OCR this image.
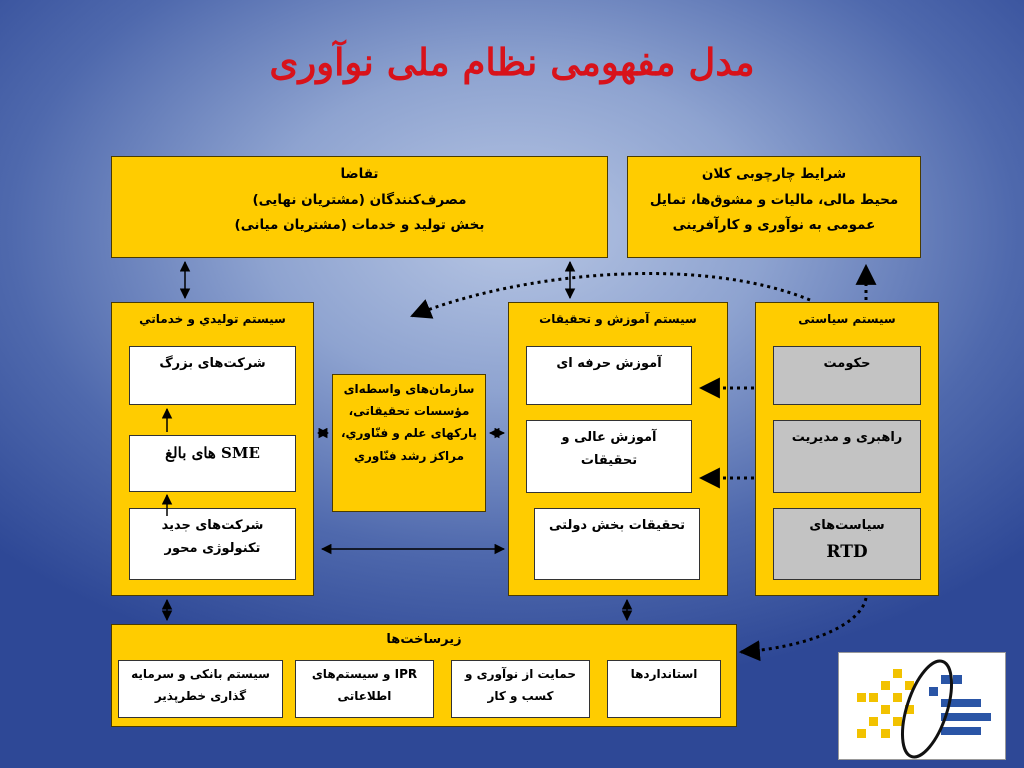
مدل مفهومی نظام ملی نوآوری
تقاضا
مصرف‌کنندگان (مشتریان نهایی)
بخش تولید و خدمات (مشتریان میانی)
شرایط چارچوبی کلان
محیط مالی، مالیات و مشوق‌ها، تمایل
عمومی به نوآوری و کارآفرینی
سيستم توليدي و خدماتي
شرکت‌های بزرگ
SME های بالغ
شرکت‌های جدید
تکنولوژی محور
سازمان‌های واسطه‌ای
مؤسسات تحقیقاتی،
پارکهای علم و فنّاوري،
مراکز رشد فنّاوري
سیستم آموزش و تحقیقات
آموزش حرفه ای
آموزش عالی و
تحقیقات
تحقیقات بخش دولتی
سیستم سیاستی
حکومت
راهبری و مدیریت
سیاست‌های
RTD
زیرساخت‌ها
استانداردها
حمایت از نوآوری و
کسب و کار
IPR و سیستم‌های
اطلاعاتی
سیستم بانکی و سرمایه
گذاری خطرپذیر
